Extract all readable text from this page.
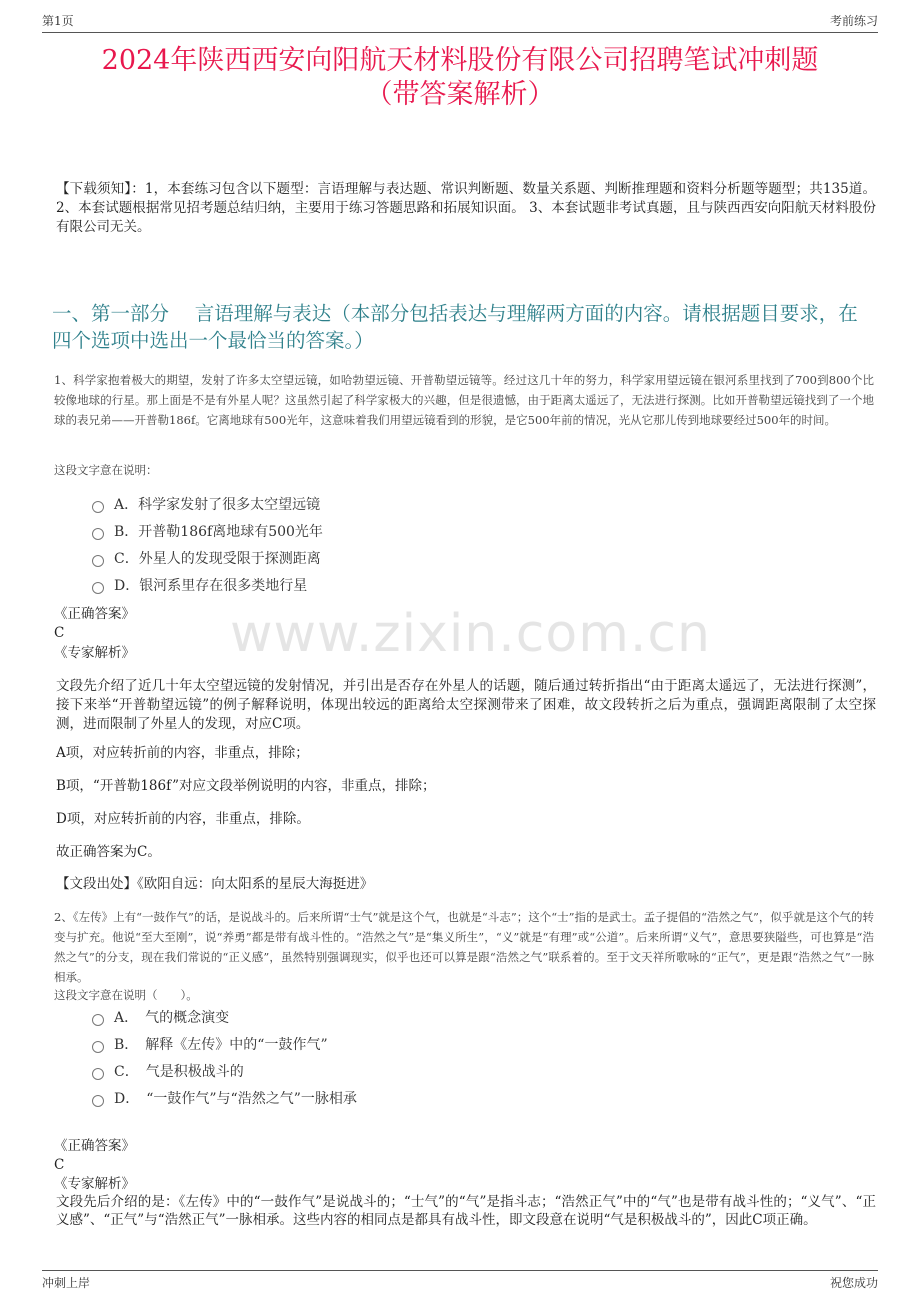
第1页	考前练习
2024年陕西西安向阳航天材料股份有限公司招聘笔试冲刺题
（带答案解析）
【下载须知】：1，本套练习包含以下题型：言语理解与表达题、常识判断题、数量关系题、判断推理题和资料分析题等题型；共135道。 2、本套试题根据常见招考题总结归纳，主要用于练习答题思路和拓展知识面。 3、本套试题非考试真题，且与陕西西安向阳航天材料股份有限公司无关。
一、第一部分　 言语理解与表达（本部分包括表达与理解两方面的内容。请根据题目要求，在四个选项中选出一个最恰当的答案。）
1、科学家抱着极大的期望，发射了许多太空望远镜，如哈勃望远镜、开普勒望远镜等。经过这几十年的努力，科学家用望远镜在银河系里找到了700到800个比较像地球的行星。那上面是不是有外星人呢？这虽然引起了科学家极大的兴趣，但是很遗憾，由于距离太遥远了，无法进行探测。比如开普勒望远镜找到了一个地球的表兄弟——开普勒186f。它离地球有500光年，这意味着我们用望远镜看到的形貌，是它500年前的情况，光从它那儿传到地球要经过500年的时间。
这段文字意在说明：
A．科学家发射了很多太空望远镜
B．开普勒186f离地球有500光年
C．外星人的发现受限于探测距离
D．银河系里存在很多类地行星
《正确答案》
C
《专家解析》	www.zixin.com.cn
文段先介绍了近几十年太空望远镜的发射情况，并引出是否存在外星人的话题，随后通过转折指出“由于距离太遥远了，无法进行探测”，接下来举“开普勒望远镜”的例子解释说明，体现出较远的距离给太空探测带来了困难，故文段转折之后为重点，强调距离限制了太空探测，进而限制了外星人的发现，对应C项。
A项，对应转折前的内容，非重点，排除；
B项，“开普勒186f”对应文段举例说明的内容，非重点，排除；
D项，对应转折前的内容，非重点，排除。
故正确答案为C。
【文段出处】《欧阳自远：向太阳系的星辰大海挺进》
2、《左传》上有“一鼓作气”的话，是说战斗的。后来所谓“士气”就是这个气，也就是“斗志”；这个“士”指的是武士。孟子提倡的“浩然之气”，似乎就是这个气的转变与扩充。他说“至大至刚”，说“养勇”都是带有战斗性的。“浩然之气”是“集义所生”，“义”就是“有理”或“公道”。后来所谓“义气”，意思要狭隘些，可也算是“浩然之气”的分支，现在我们常说的“正义感”，虽然特别强调现实，似乎也还可以算是跟“浩然之气”联系着的。至于文天祥所歌咏的“正气”，更是跟“浩然之气”一脉相承。
这段文字意在说明（　　）。
A．　气的概念演变
B．　解释《左传》中的“一鼓作气”
C．　气是积极战斗的
D．　“一鼓作气”与“浩然之气”一脉相承
《正确答案》
C
《专家解析》
文段先后介绍的是：《左传》中的“一鼓作气”是说战斗的；“士气”的“气”是指斗志；“浩然正气”中的“气”也是带有战斗性的；“义气”、“正义感”、“正气”与“浩然正气”一脉相承。这些内容的相同点是都具有战斗性，即文段意在说明“气是积极战斗的”，因此C项正确。
冲刺上岸	祝您成功
